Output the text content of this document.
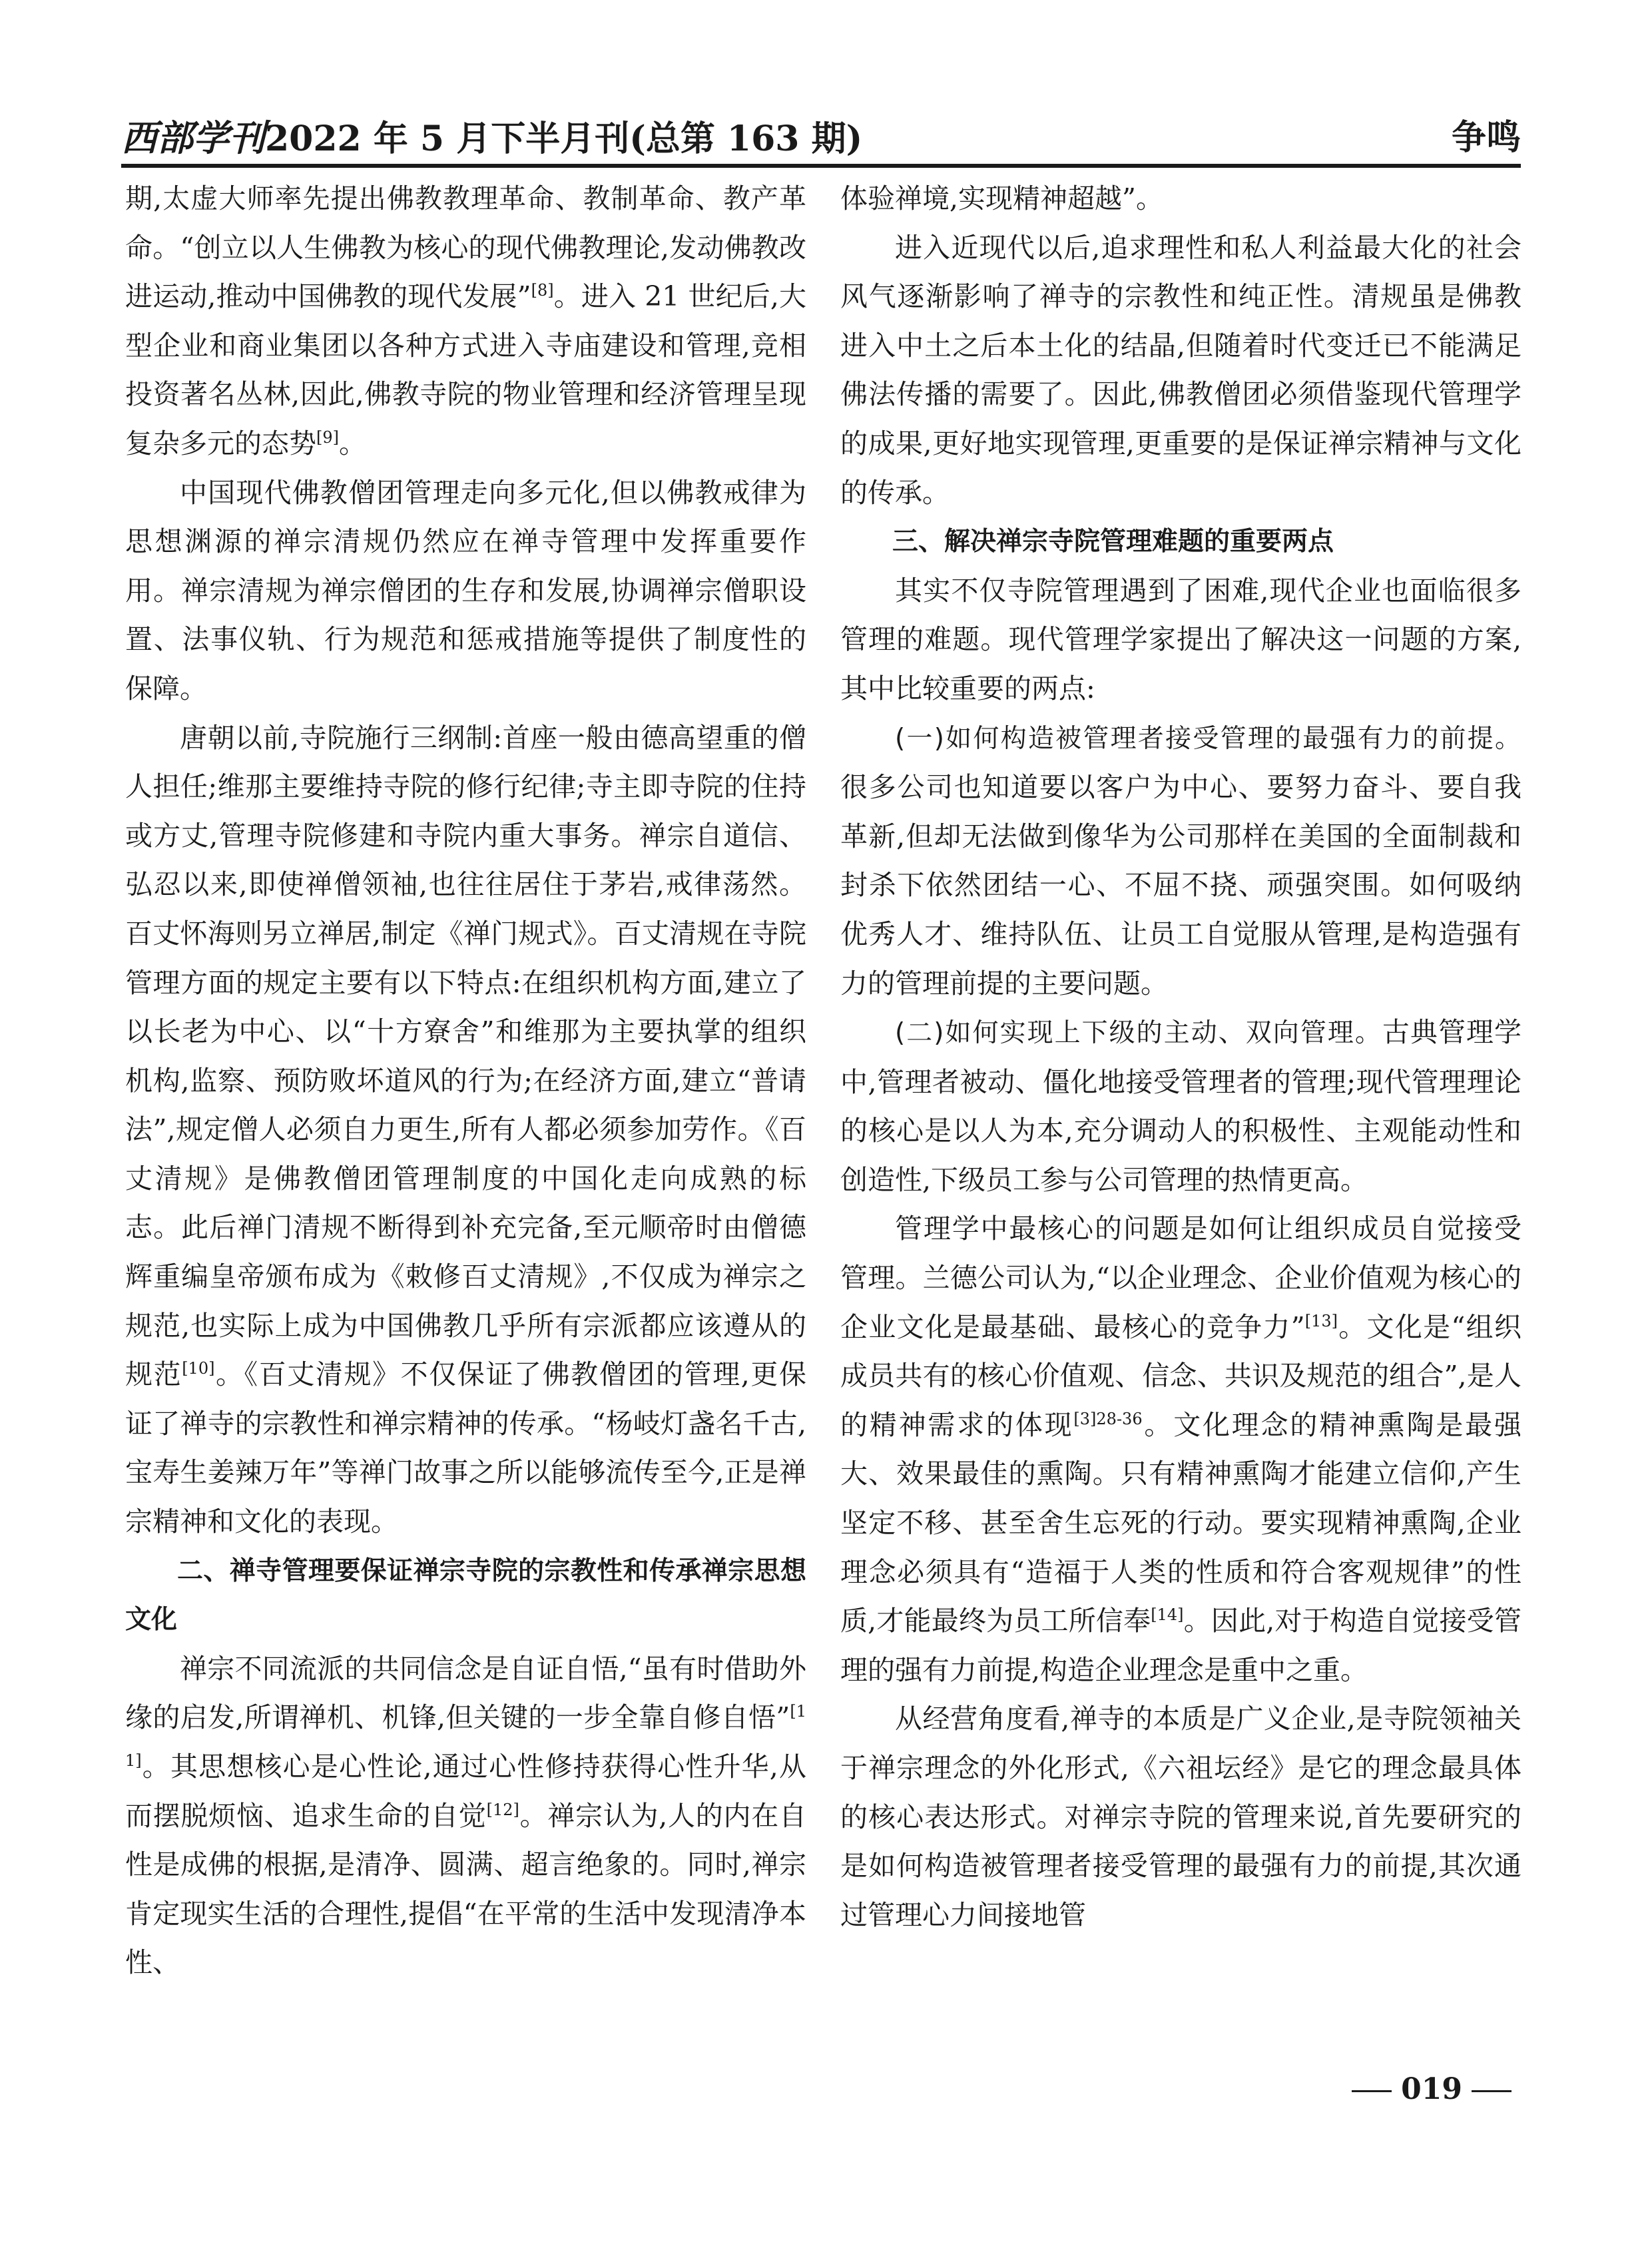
西部学刊2022 年 5 月下半月刊(总第 163 期)	争鸣

期,太虚大师率先提出佛教教理革命、教制革命、教产革命。“创立以人生佛教为核心的现代佛教理论,发动佛教改进运动,推动中国佛教的现代发展”[8]。进入 21 世纪后,大型企业和商业集团以各种方式进入寺庙建设和管理,竞相投资著名丛林,因此,佛教寺院的物业管理和经济管理呈现复杂多元的态势[9]。

中国现代佛教僧团管理走向多元化,但以佛教戒律为思想渊源的禅宗清规仍然应在禅寺管理中发挥重要作用。禅宗清规为禅宗僧团的生存和发展,协调禅宗僧职设置、法事仪轨、行为规范和惩戒措施等提供了制度性的保障。

唐朝以前,寺院施行三纲制:首座一般由德高望重的僧人担任;维那主要维持寺院的修行纪律;寺主即寺院的住持或方丈,管理寺院修建和寺院内重大事务。禅宗自道信、弘忍以来,即使禅僧领袖,也往往居住于茅岩,戒律荡然。百丈怀海则另立禅居,制定《禅门规式》。百丈清规在寺院管理方面的规定主要有以下特点:在组织机构方面,建立了以长老为中心、以“十方寮舍”和维那为主要执掌的组织机构,监察、预防败坏道风的行为;在经济方面,建立“普请法”,规定僧人必须自力更生,所有人都必须参加劳作。《百丈清规》是佛教僧团管理制度的中国化走向成熟的标志。此后禅门清规不断得到补充完备,至元顺帝时由僧德辉重编皇帝颁布成为《敕修百丈清规》,不仅成为禅宗之规范,也实际上成为中国佛教几乎所有宗派都应该遵从的规范[10]。《百丈清规》不仅保证了佛教僧团的管理,更保证了禅寺的宗教性和禅宗精神的传承。“杨岐灯盏名千古,宝寿生姜辣万年”等禅门故事之所以能够流传至今,正是禅宗精神和文化的表现。

二、禅寺管理要保证禅宗寺院的宗教性和传承禅宗思想文化

禅宗不同流派的共同信念是自证自悟,“虽有时借助外缘的启发,所谓禅机、机锋,但关键的一步全靠自修自悟”[11]。其思想核心是心性论,通过心性修持获得心性升华,从而摆脱烦恼、追求生命的自觉[12]。禅宗认为,人的内在自性是成佛的根据,是清净、圆满、超言绝象的。同时,禅宗肯定现实生活的合理性,提倡“在平常的生活中发现清净本性、

体验禅境,实现精神超越”。

进入近现代以后,追求理性和私人利益最大化的社会风气逐渐影响了禅寺的宗教性和纯正性。清规虽是佛教进入中土之后本土化的结晶,但随着时代变迁已不能满足佛法传播的需要了。因此,佛教僧团必须借鉴现代管理学的成果,更好地实现管理,更重要的是保证禅宗精神与文化的传承。

三、解决禅宗寺院管理难题的重要两点

其实不仅寺院管理遇到了困难,现代企业也面临很多管理的难题。现代管理学家提出了解决这一问题的方案,其中比较重要的两点:

(一)如何构造被管理者接受管理的最强有力的前提。很多公司也知道要以客户为中心、要努力奋斗、要自我革新,但却无法做到像华为公司那样在美国的全面制裁和封杀下依然团结一心、不屈不挠、顽强突围。如何吸纳优秀人才、维持队伍、让员工自觉服从管理,是构造强有力的管理前提的主要问题。

(二)如何实现上下级的主动、双向管理。古典管理学中,管理者被动、僵化地接受管理者的管理;现代管理理论的核心是以人为本,充分调动人的积极性、主观能动性和创造性,下级员工参与公司管理的热情更高。

管理学中最核心的问题是如何让组织成员自觉接受管理。兰德公司认为,“以企业理念、企业价值观为核心的企业文化是最基础、最核心的竞争力”[13]。文化是“组织成员共有的核心价值观、信念、共识及规范的组合”,是人的精神需求的体现$^{[3]28-36}$。文化理念的精神熏陶是最强大、效果最佳的熏陶。只有精神熏陶才能建立信仰,产生坚定不移、甚至舍生忘死的行动。要实现精神熏陶,企业理念必须具有“造福于人类的性质和符合客观规律”的性质,才能最终为员工所信奉[14]。因此,对于构造自觉接受管理的强有力前提,构造企业理念是重中之重。

从经营角度看,禅寺的本质是广义企业,是寺院领袖关于禅宗理念的外化形式,《六祖坛经》是它的理念最具体的核心表达形式。对禅宗寺院的管理来说,首先要研究的是如何构造被管理者接受管理的最强有力的前提,其次通过管理心力间接地管

019
